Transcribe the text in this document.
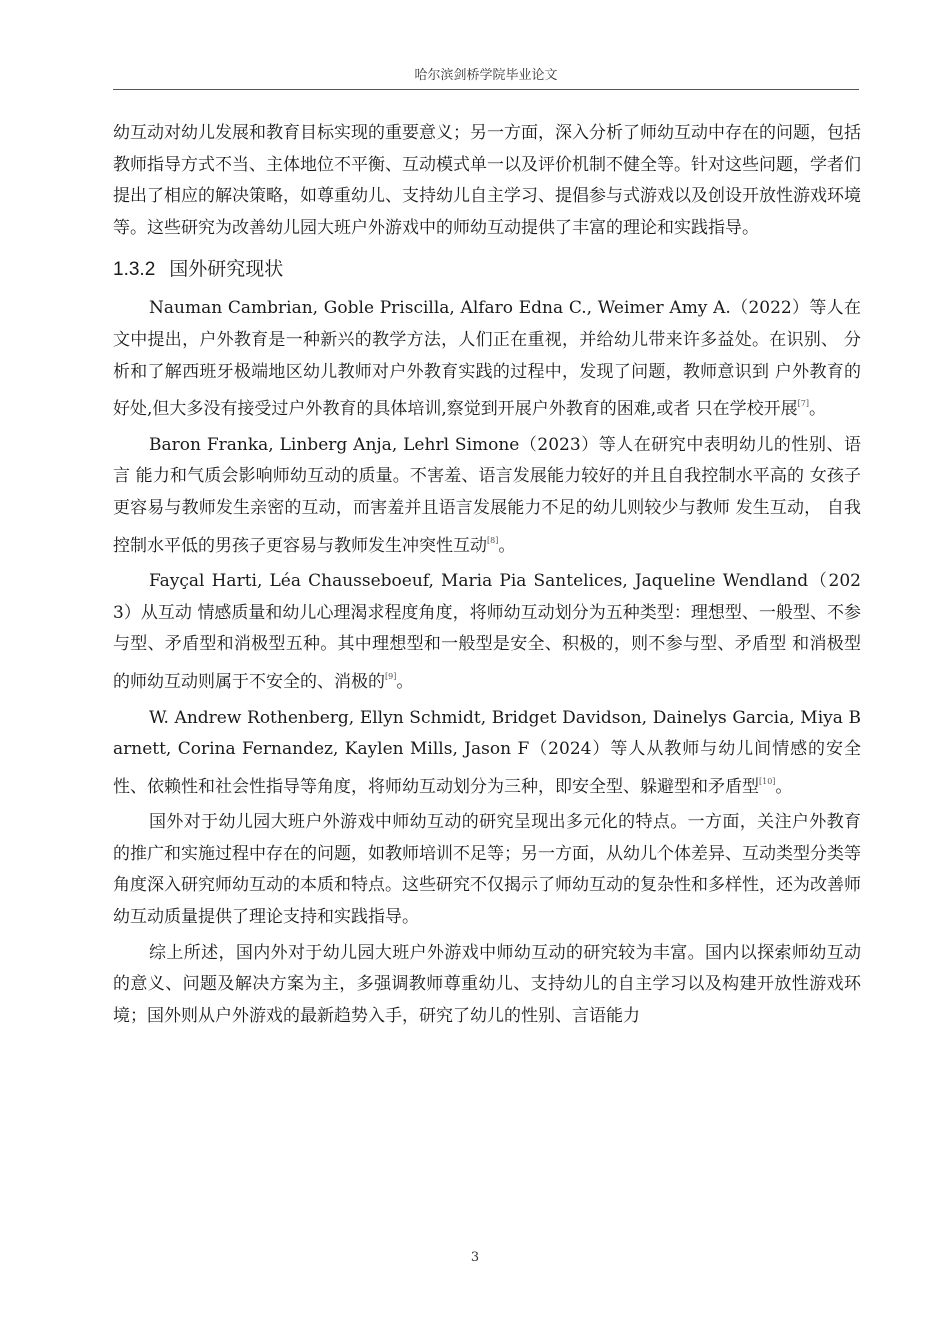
哈尔滨剑桥学院毕业论文

幼互动对幼儿发展和教育目标实现的重要意义；另一方面，深入分析了师幼互动中存在的问题，包括教师指导方式不当、主体地位不平衡、互动模式单一以及评价机制不健全等。针对这些问题，学者们提出了相应的解决策略，如尊重幼儿、支持幼儿自主学习、提倡参与式游戏以及创设开放性游戏环境等。这些研究为改善幼儿园大班户外游戏中的师幼互动提供了丰富的理论和实践指导。

1.3.2 国外研究现状

Nauman Cambrian, Goble Priscilla, Alfaro Edna C., Weimer Amy A.（2022）等人在文中提出，户外教育是一种新兴的教学方法，人们正在重视，并给幼儿带来许多益处。在识别、 分析和了解西班牙极端地区幼儿教师对户外教育实践的过程中，发现了问题，教师意识到 户外教育的好处,但大多没有接受过户外教育的具体培训,察觉到开展户外教育的困难,或者 只在学校开展[7]。

Baron Franka, Linberg Anja, Lehrl Simone（2023）等人在研究中表明幼儿的性别、语言 能力和气质会影响师幼互动的质量。不害羞、语言发展能力较好的并且自我控制水平高的 女孩子更容易与教师发生亲密的互动，而害羞并且语言发展能力不足的幼儿则较少与教师 发生互动， 自我控制水平低的男孩子更容易与教师发生冲突性互动[8]。

Fayçal Harti, Léa Chausseboeuf, Maria Pia Santelices, Jaqueline Wendland（2023）从互动 情感质量和幼儿心理渴求程度角度，将师幼互动划分为五种类型：理想型、一般型、不参 与型、矛盾型和消极型五种。其中理想型和一般型是安全、积极的，则不参与型、矛盾型 和消极型的师幼互动则属于不安全的、消极的[9]。

W. Andrew Rothenberg, Ellyn Schmidt, Bridget Davidson, Dainelys Garcia, Miya Barnett, Corina Fernandez, Kaylen Mills, Jason F（2024）等人从教师与幼儿间情感的安全性、依赖性和社会性指导等角度，将师幼互动划分为三种，即安全型、躲避型和矛盾型[10]。

国外对于幼儿园大班户外游戏中师幼互动的研究呈现出多元化的特点。一方面，关注户外教育的推广和实施过程中存在的问题，如教师培训不足等；另一方面，从幼儿个体差异、互动类型分类等角度深入研究师幼互动的本质和特点。这些研究不仅揭示了师幼互动的复杂性和多样性，还为改善师幼互动质量提供了理论支持和实践指导。

综上所述，国内外对于幼儿园大班户外游戏中师幼互动的研究较为丰富。国内以探索师幼互动的意义、问题及解决方案为主，多强调教师尊重幼儿、支持幼儿的自主学习以及构建开放性游戏环境；国外则从户外游戏的最新趋势入手，研究了幼儿的性别、言语能力

3
